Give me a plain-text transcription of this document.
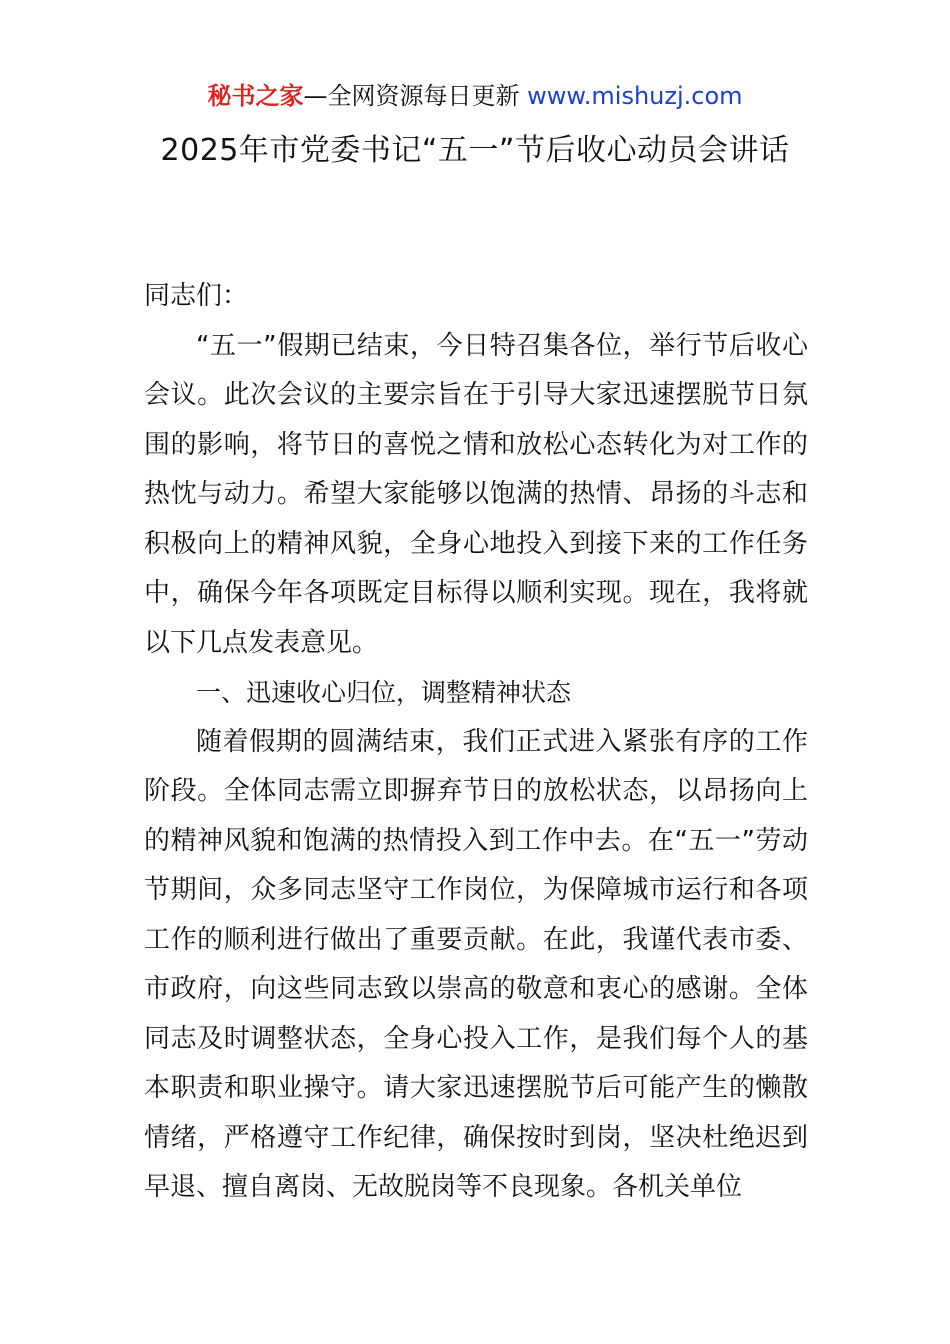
秘书之家—全网资源每日更新 www.mishuzj.com
2025年市党委书记“五一”节后收心动员会讲话

同志们：

“五一”假期已结束，今日特召集各位，举行节后收心会议。此次会议的主要宗旨在于引导大家迅速摆脱节日氛围的影响，将节日的喜悦之情和放松心态转化为对工作的热忱与动力。希望大家能够以饱满的热情、昂扬的斗志和积极向上的精神风貌，全身心地投入到接下来的工作任务中，确保今年各项既定目标得以顺利实现。现在，我将就以下几点发表意见。

一、迅速收心归位，调整精神状态

随着假期的圆满结束，我们正式进入紧张有序的工作阶段。全体同志需立即摒弃节日的放松状态，以昂扬向上的精神风貌和饱满的热情投入到工作中去。在“五一”劳动节期间，众多同志坚守工作岗位，为保障城市运行和各项工作的顺利进行做出了重要贡献。在此，我谨代表市委、市政府，向这些同志致以崇高的敬意和衷心的感谢。全体同志及时调整状态，全身心投入工作，是我们每个人的基本职责和职业操守。请大家迅速摆脱节后可能产生的懒散情绪，严格遵守工作纪律，确保按时到岗，坚决杜绝迟到早退、擅自离岗、无故脱岗等不良现象。各机关单位
